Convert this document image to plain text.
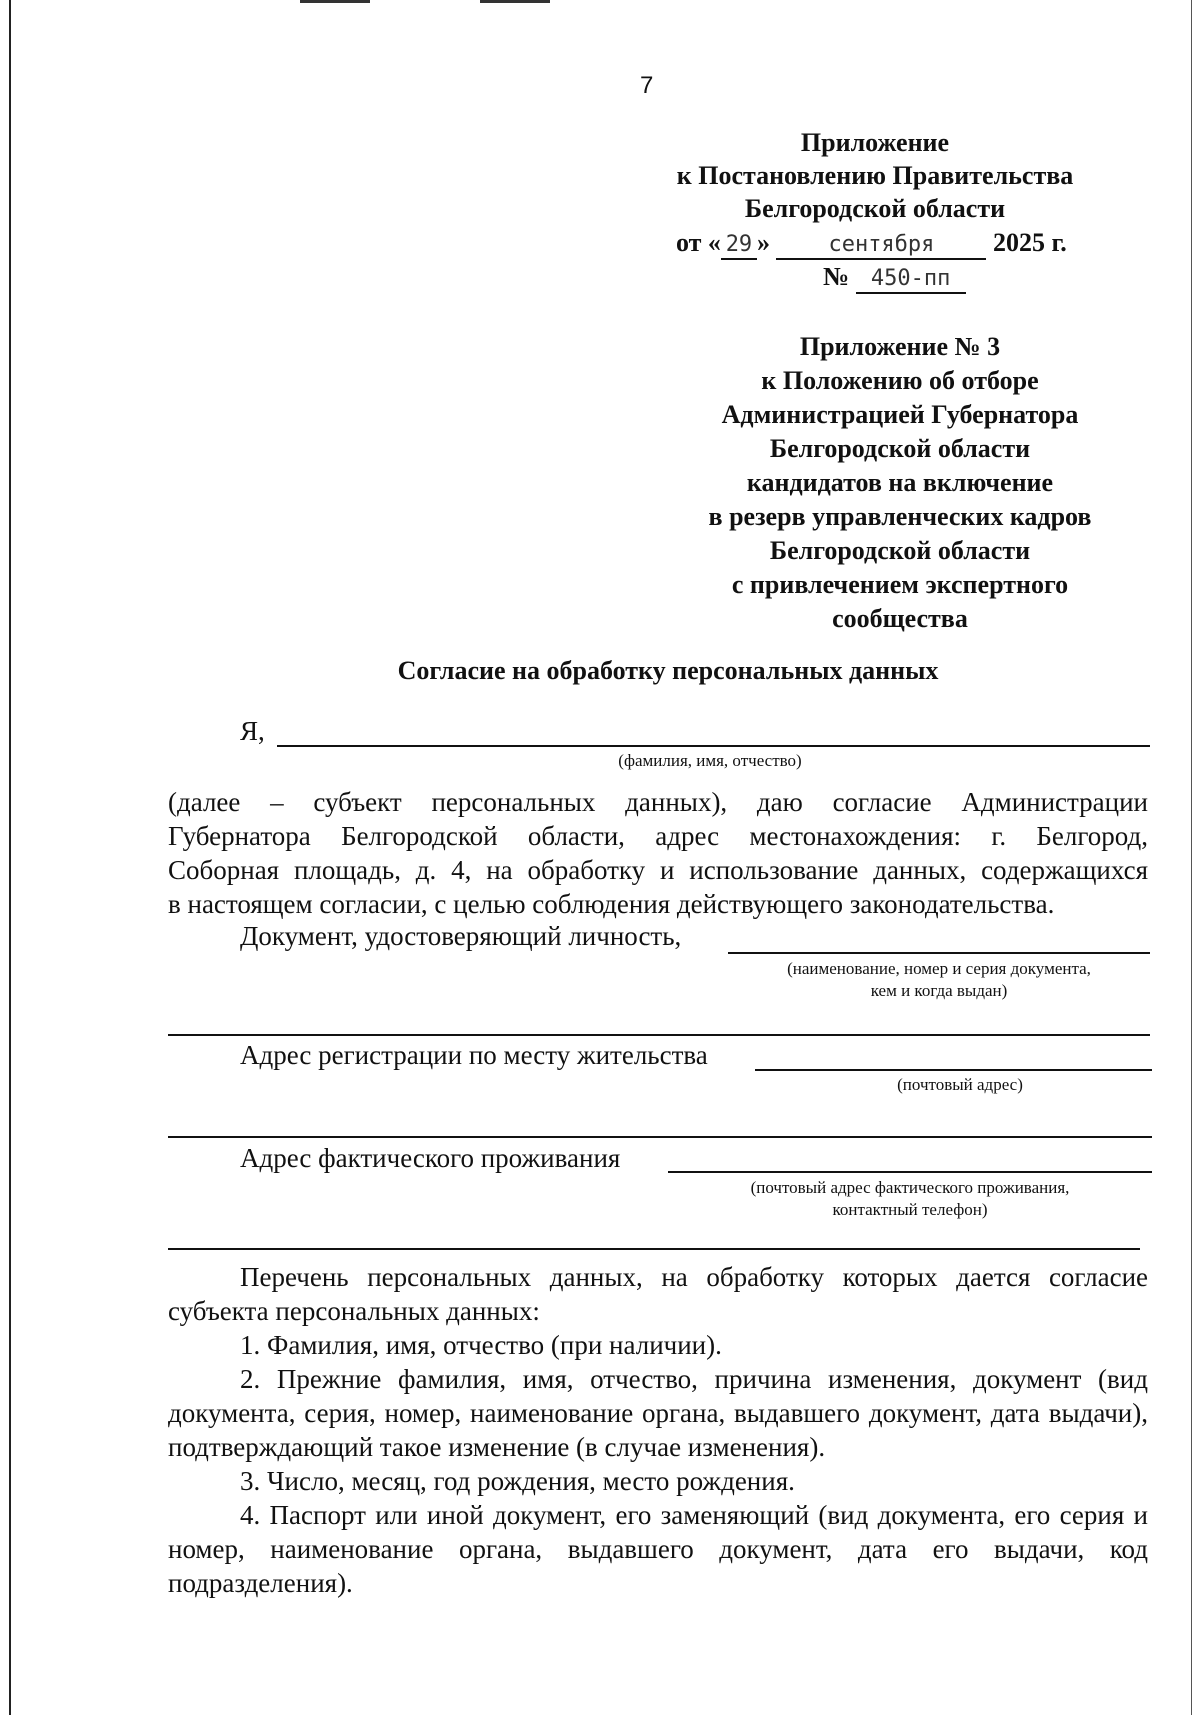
7
Приложение
к Постановлению Правительства
Белгородской области
от « 29 »	сентября 2025 г.
№ 450-пп
Приложение № 3
к Положению об отборе
Администрацией Губернатора
Белгородской области
кандидатов на включение
в резерв управленческих кадров
Белгородской области
с привлечением экспертного
сообщества
Согласие на обработку персональных данных
Я,
(фамилия, имя, отчество)
(далее – субъект персональных данных), даю согласие Администрации
Губернатора Белгородской области, адрес местонахождения: г. Белгород,
Соборная площадь, д. 4, на обработку и использование данных, содержащихся
в настоящем согласии, с целью соблюдения действующего законодательства.
Документ, удостоверяющий личность,
(наименование, номер и серия документа,
кем и когда выдан)
Адрес регистрации по месту жительства
(почтовый адрес)
Адрес фактического проживания
(почтовый адрес фактического проживания,
контактный телефон)
Перечень персональных данных, на обработку которых дается согласие
субъекта персональных данных:
1. Фамилия, имя, отчество (при наличии).
2. Прежние фамилия, имя, отчество, причина изменения, документ (вид документа, серия, номер, наименование органа, выдавшего документ, дата выдачи), подтверждающий такое изменение (в случае изменения).
3. Число, месяц, год рождения, место рождения.
4. Паспорт или иной документ, его заменяющий (вид документа, его серия и номер, наименование органа, выдавшего документ, дата его выдачи, код подразделения).
